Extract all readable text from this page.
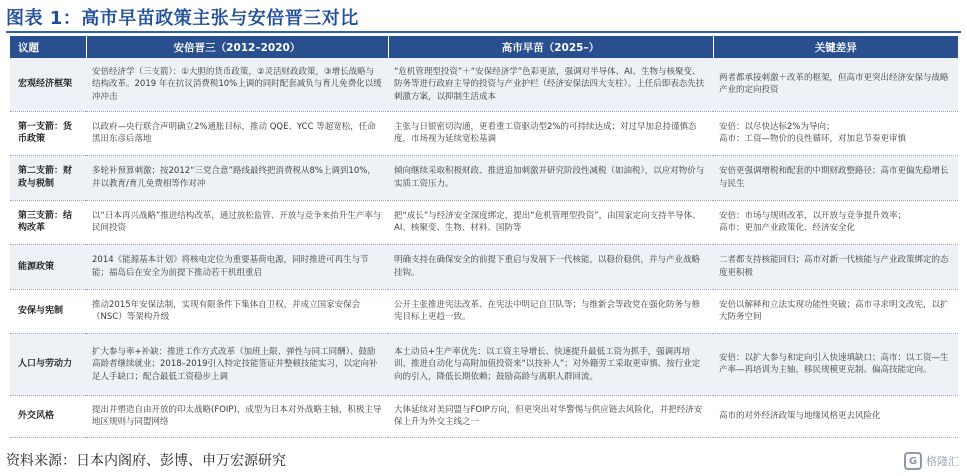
图表 1：高市早苗政策主张与安倍晋三对比
议题	安倍晋三（2012–2020）	高市早苗（2025–）	关键差异
宏观经济框架	安倍经济学（三支箭）：①大胆的货币政策，②灵活财政政策，③增长战略与结构改革。2019 年在抗议消费税10%上调的同时配套减负与育儿免费化以缓冲冲击	“危机管理型投资”＋“安保经济学”色彩更浓，强调对半导体、AI、生物与核聚变、防务等进行政府主导的投资与产业护栏（经济安保法四大支柱）。上任后即表态先扶刺激方案，以抑制生活成本	两者都承接刺激＋改革的框架，但高市更突出经济安保与战略产业的定向投资
第一支箭：货币政策	以政府—央行联合声明确立2%通胀目标，推动 QQE、YCC 等超宽松，任命黑田东彦后落地	主张与日银密切沟通，更看重工资驱动型2%的可持续达成；对过早加息持谨慎态度，市场视为延续宽松基调	安倍：以尽快达标2%为导向；
高市：工资—物价的良性循环，对加息节奏更审慎
第二支箭：财政与税制	多轮补预算刺激；按2012“三党合意”路线最终把消费税从8%上调到10%，并以教育/育儿免费相等作对冲	倾向继续采取积极财政、推进追加刺激并研究阶段性减税（如油税），以应对物价与实质工资压力。	安倍更强调增税和配套的中期财政整路径；高市更偏先稳增长与民生
第三支箭：结构改革	以“日本再兴战略”推进结构改革，通过放松监管、开放与竞争来抬升生产率与民间投资	把“成长”与经济安全深度绑定，提出“危机管理型投资”，由国家定向支持半导体、AI、核聚变、生物、材料、国防等	安倍：市场与规则改革，以开放与竞争提升效率；
高市：更加产业政策化、经济安全化
能源政策	2014《能源基本计划》将核电定位为重要基荷电源，同时推进可再生与节能；福岛后在安全为前提下推动若干机组重启	明确支持在确保安全的前提下重启与发展下一代核能，以稳价稳供，并与产业战略挂钩。	二者都支持核能回归；高市对新一代核能与产业政策绑定的态度更积极
安保与宪制	推动2015年安保法制，实现有限条件下集体自卫权，并成立国家安保会（NSC）等架构升级	公开主张推进宪法改革、在宪法中明记自卫队等；与维新会等政党在强化防务与修宪目标上更趋一致。	安倍以解释和立法实现功能性突破；高市寻求明文改宪，以扩大防务空间
人口与劳动力	扩大参与率+补缺：推进工作方式改革（加班上限、弹性与同工同酬）、鼓励高龄者继续就业；2018–2019引入特定技能签证并整顿技能实习，以定向补足人手缺口；配合最低工资稳步上调	本土动员+生产率优先：以工资主导增长、快速提升最低工资为抓手，强调再培训、推进自动化与高附加值投资来“以技补人”；对外籍劳工采取更审慎、按行业定向的引入，降低长期依赖；鼓励高龄与离职人群回流。	安倍：以扩大参与和定向引入快速填缺口；高市：以工资—生产率—再培训为主轴，移民规模更克制、偏高技能定向。
外交风格	提出并塑造自由开放的印太战略(FOIP)，成型为日本对外战略主轴，积极主导地区规则与同盟网络	大体延续对美同盟与FOIP方向，但更突出对华警惕与供应链去风险化，并把经济安保上升为外交主线之一	高市的对外经济政策与地缘风格更去风险化
资料来源：日本内阁府、彭博、申万宏源研究	G 格隆汇
